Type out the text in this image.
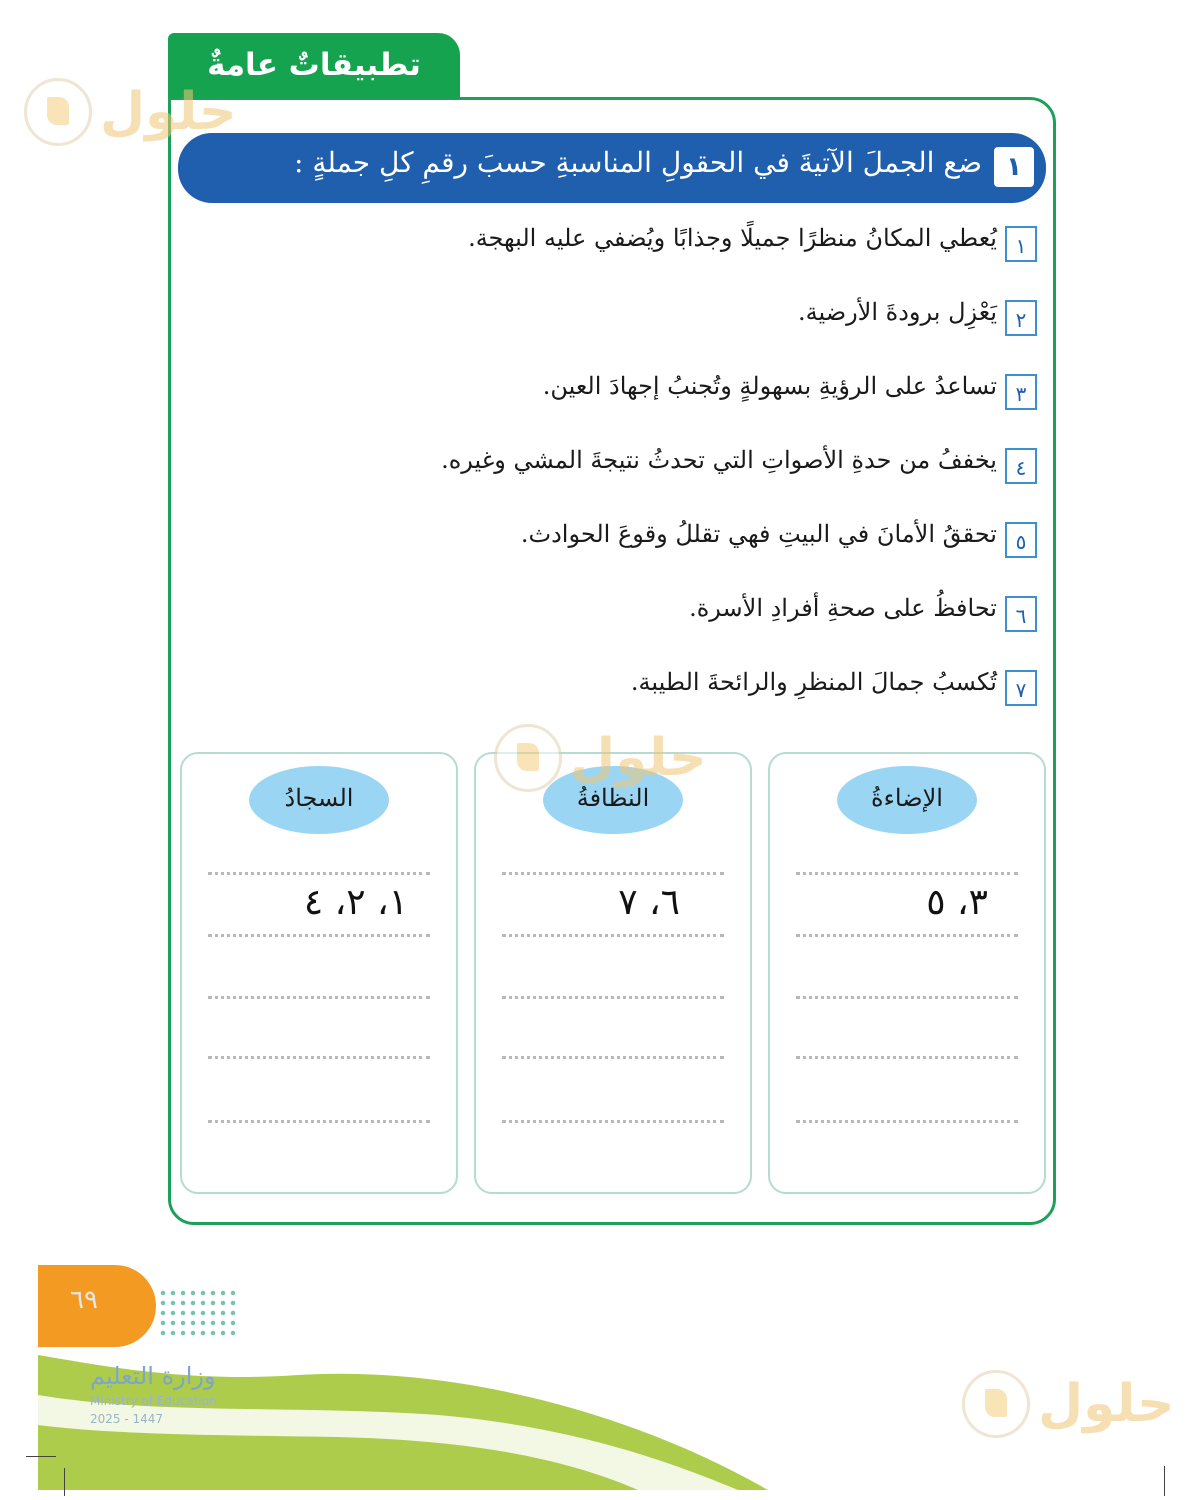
تطبيقاتٌ عامةٌ
١
ضع الجملَ الآتيةَ في الحقولِ المناسبةِ حسبَ رقمِ كلِ جملةٍ :
١
يُعطي المكانُ منظرًا جميلًا وجذابًا ويُضفي عليه البهجة.
٢
يَعْزِل برودةَ الأرضية.
٣
تساعدُ على الرؤيةِ بسهولةٍ وتُجنبُ إجهادَ العين.
٤
يخففُ من حدةِ الأصواتِ التي تحدثُ نتيجةَ المشي وغيره.
٥
تحققُ الأمانَ في البيتِ فهي تقللُ وقوعَ الحوادث.
٦
تحافظُ على صحةِ أفرادِ الأسرة.
٧
تُكسبُ جمالَ المنظرِ والرائحةَ الطيبة.
السجادُ
١، ٢، ٤
النظافةُ
٦، ٧
الإضاءةُ
٣، ٥
حلول
حلول
حلول
٦٩
وزارة التعليم
Ministry of Education
2025 - 1447
